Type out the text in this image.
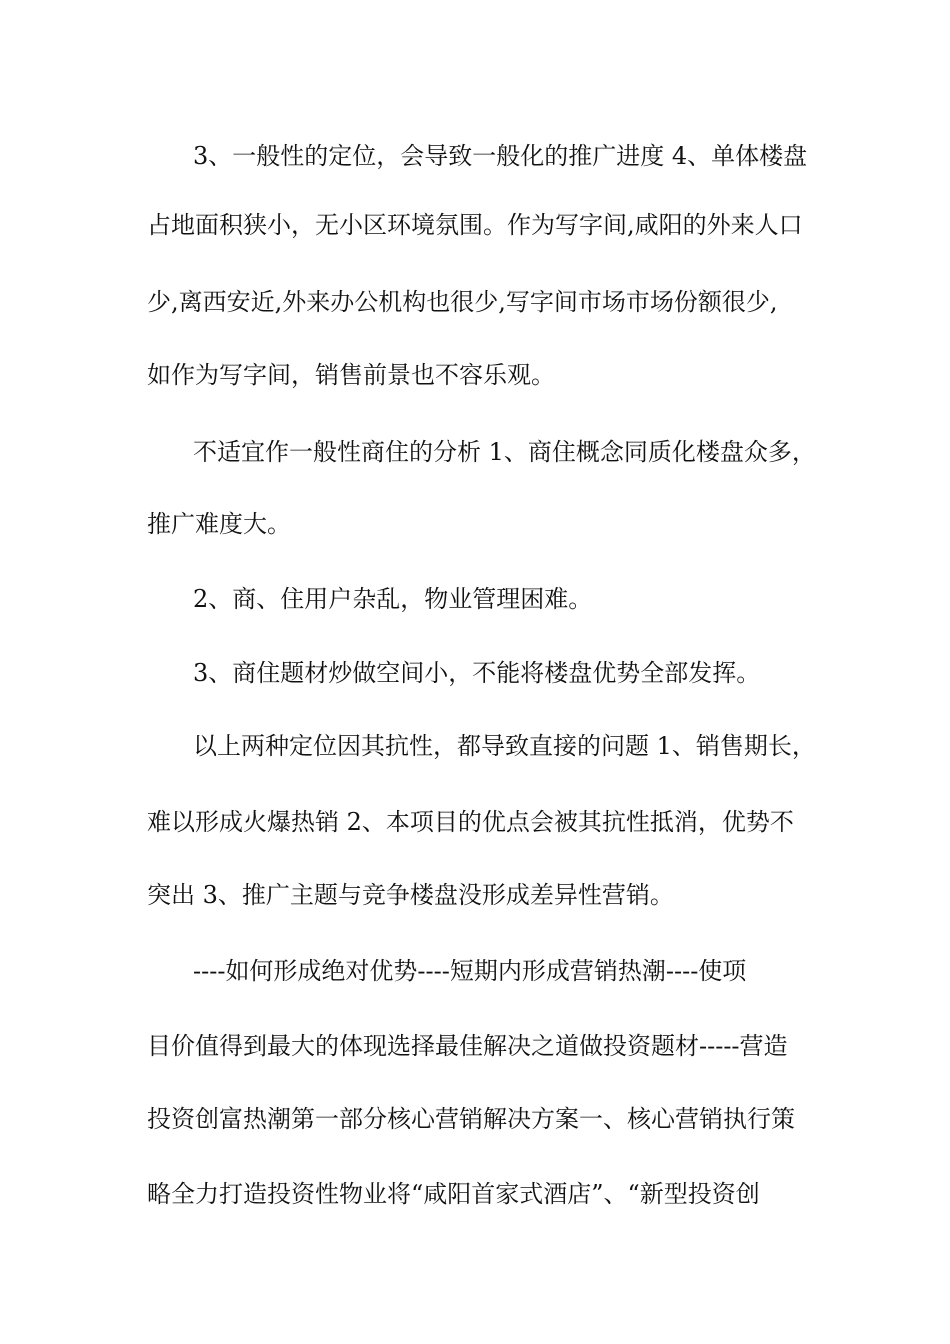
3、一般性的定位，会导致一般化的推广进度 4、单体楼盘
占地面积狭小，无小区环境氛围。作为写字间,咸阳的外来人口
少,离西安近,外来办公机构也很少,写字间市场市场份额很少,
如作为写字间，销售前景也不容乐观。
不适宜作一般性商住的分析 1、商住概念同质化楼盘众多，
推广难度大。
2、商、住用户杂乱，物业管理困难。
3、商住题材炒做空间小，不能将楼盘优势全部发挥。
以上两种定位因其抗性，都导致直接的问题 1、销售期长，
难以形成火爆热销 2、本项目的优点会被其抗性抵消，优势不
突出 3、推广主题与竞争楼盘没形成差异性营销。
----如何形成绝对优势----短期内形成营销热潮----使项
目价值得到最大的体现选择最佳解决之道做投资题材-----营造
投资创富热潮第一部分核心营销解决方案一、核心营销执行策
略全力打造投资性物业将“咸阳首家式酒店”、“新型投资创
